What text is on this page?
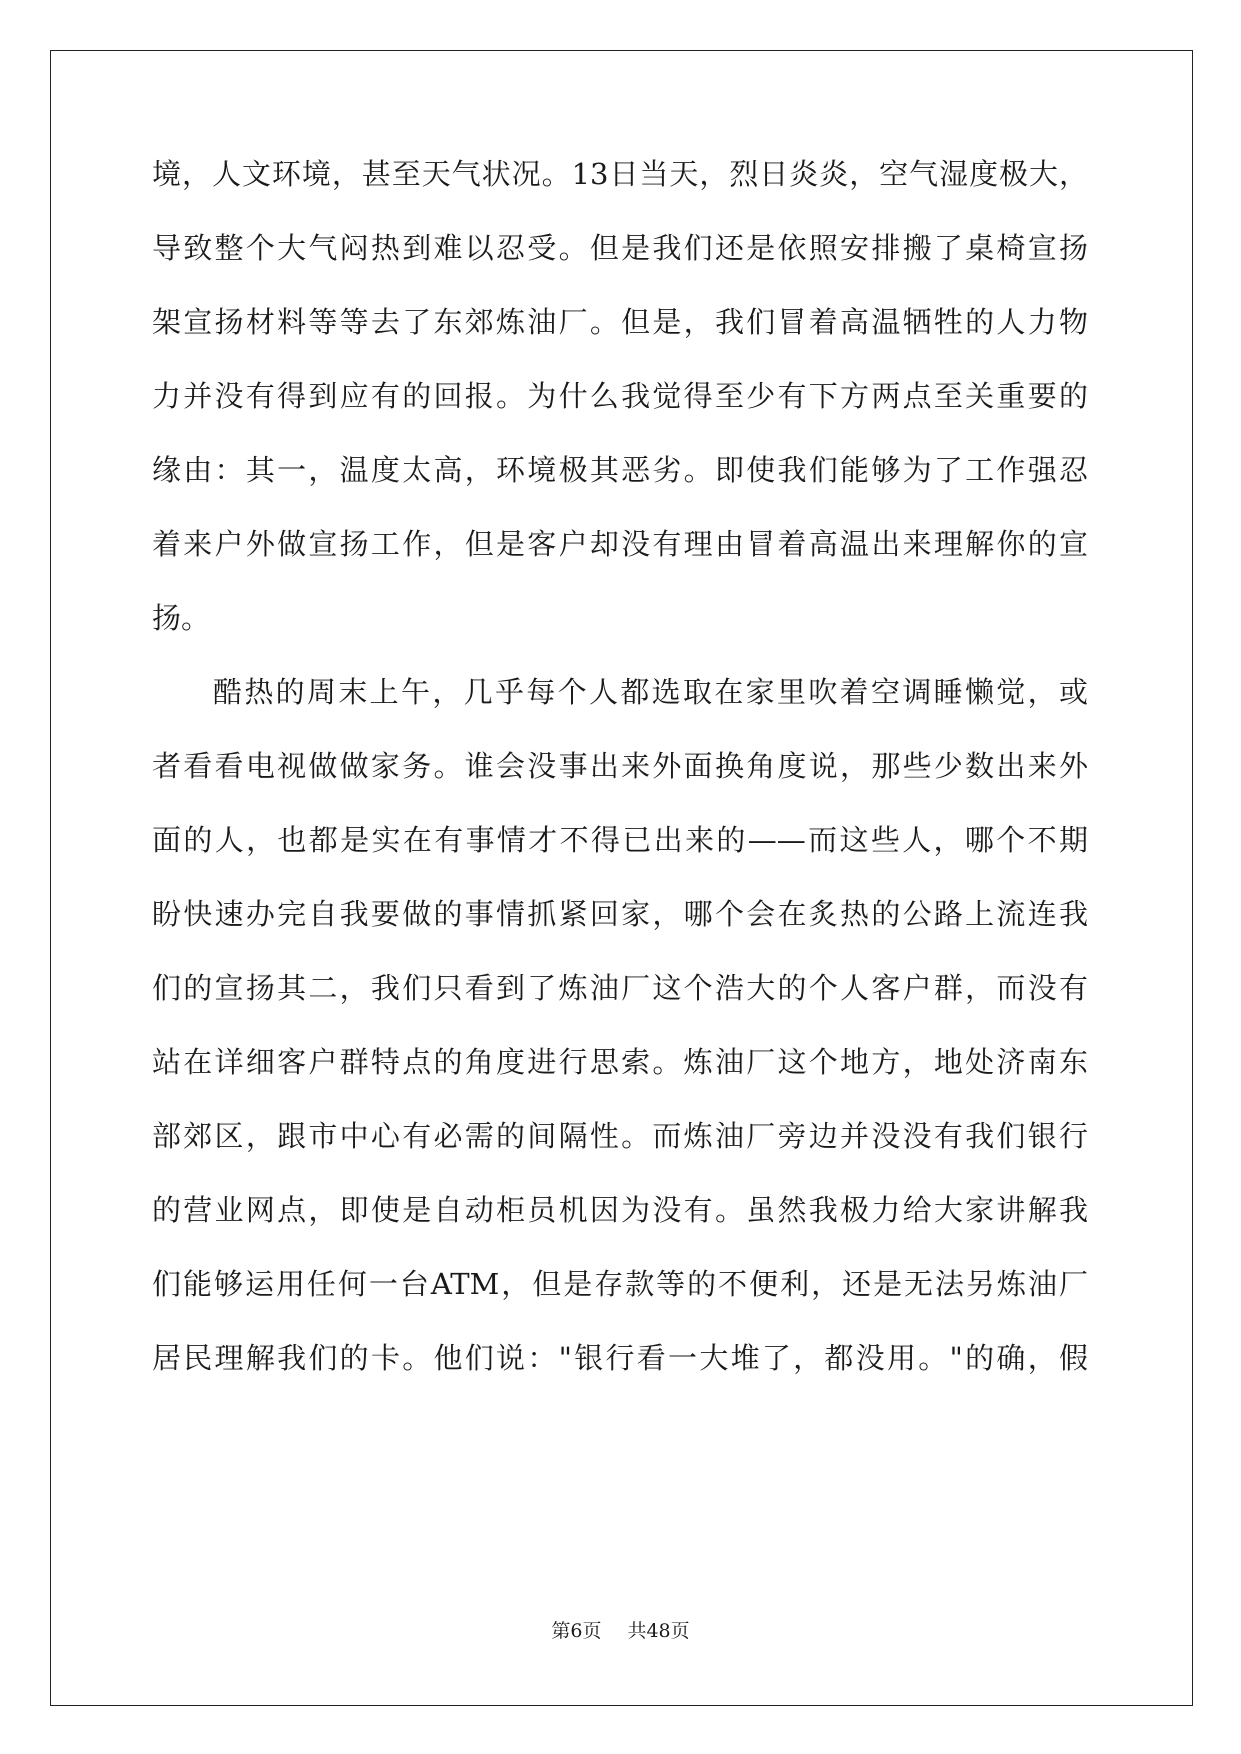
境，人文环境，甚至天气状况。13日当天，烈日炎炎，空气湿度极大，
导致整个大气闷热到难以忍受。但是我们还是依照安排搬了桌椅宣扬
架宣扬材料等等去了东郊炼油厂。但是，我们冒着高温牺牲的人力物
力并没有得到应有的回报。为什么我觉得至少有下方两点至关重要的
缘由：其一，温度太高，环境极其恶劣。即使我们能够为了工作强忍
着来户外做宣扬工作，但是客户却没有理由冒着高温出来理解你的宣
扬。
酷热的周末上午，几乎每个人都选取在家里吹着空调睡懒觉，或
者看看电视做做家务。谁会没事出来外面换角度说，那些少数出来外
面的人，也都是实在有事情才不得已出来的——而这些人，哪个不期
盼快速办完自我要做的事情抓紧回家，哪个会在炙热的公路上流连我
们的宣扬其二，我们只看到了炼油厂这个浩大的个人客户群，而没有
站在详细客户群特点的角度进行思索。炼油厂这个地方，地处济南东
部郊区，跟市中心有必需的间隔性。而炼油厂旁边并没没有我们银行
的营业网点，即使是自动柜员机因为没有。虽然我极力给大家讲解我
们能够运用任何一台ATM，但是存款等的不便利，还是无法另炼油厂
居民理解我们的卡。他们说："银行看一大堆了，都没用。"的确，假
第6页 共48页
